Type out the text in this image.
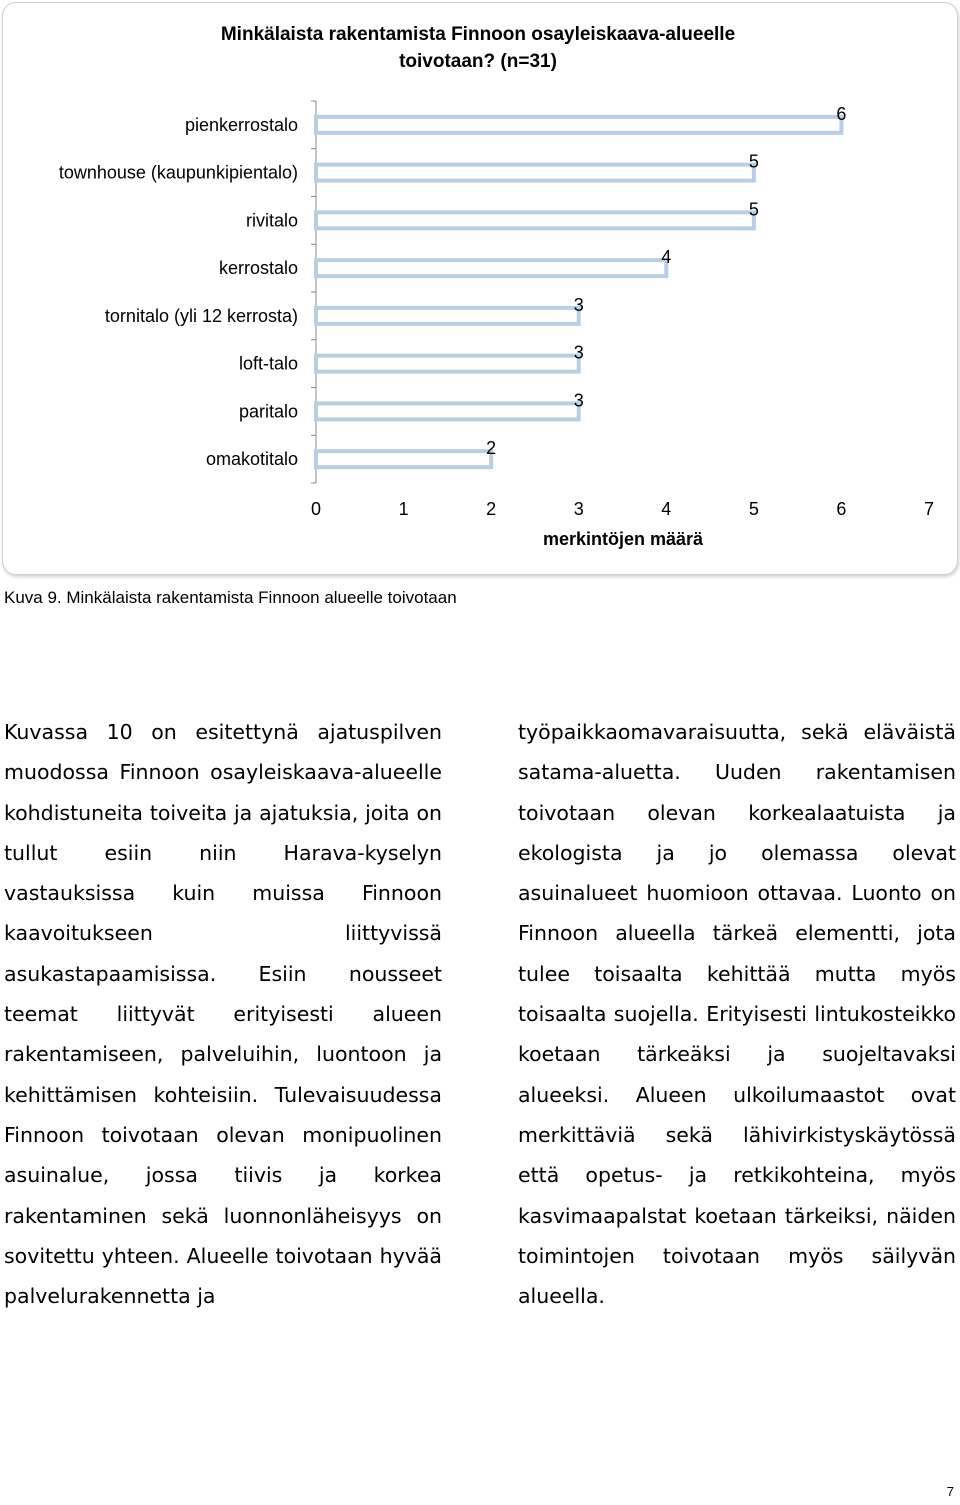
Minkälaista rakentamista Finnoon osayleiskaava-alueelle
toivotaan? (n=31)
pienkerrostalo
6
townhouse (kaupunkipientalo)
5
rivitalo
5
kerrostalo
4
tornitalo (yli 12 kerrosta)
3
loft-talo
3
paritalo
3
omakotitalo
2
0	1	2	3	4	5	6	7
merkintöjen määrä
Kuva 9. Minkälaista rakentamista Finnoon alueelle toivotaan

Kuvassa 10 on esitettynä ajatuspilven muodossa Finnoon osayleiskaava-alueelle kohdistuneita toiveita ja ajatuksia, joita on tullut esiin niin Harava-kyselyn vastauksissa kuin muissa Finnoon kaavoitukseen liittyvissä asukastapaamisissa. Esiin nousseet teemat liittyvät erityisesti alueen rakentamiseen, palveluihin, luontoon ja kehittämisen kohteisiin. Tulevaisuudessa Finnoon toivotaan olevan monipuolinen asuinalue, jossa tiivis ja korkea rakentaminen sekä luonnonläheisyys on sovitettu yhteen. Alueelle toivotaan hyvää palvelurakennetta ja

työpaikkaomavaraisuutta, sekä eläväistä satama-aluetta. Uuden rakentamisen toivotaan olevan korkealaatuista ja ekologista ja jo olemassa olevat asuinalueet huomioon ottavaa. Luonto on Finnoon alueella tärkeä elementti, jota tulee toisaalta kehittää mutta myös toisaalta suojella. Erityisesti lintukosteikko koetaan tärkeäksi ja suojeltavaksi alueeksi. Alueen ulkoilumaastot ovat merkittäviä sekä lähivirkistyskäytössä että opetus- ja retkikohteina, myös kasvimaapalstat koetaan tärkeiksi, näiden toimintojen toivotaan myös säilyvän alueella.

7
